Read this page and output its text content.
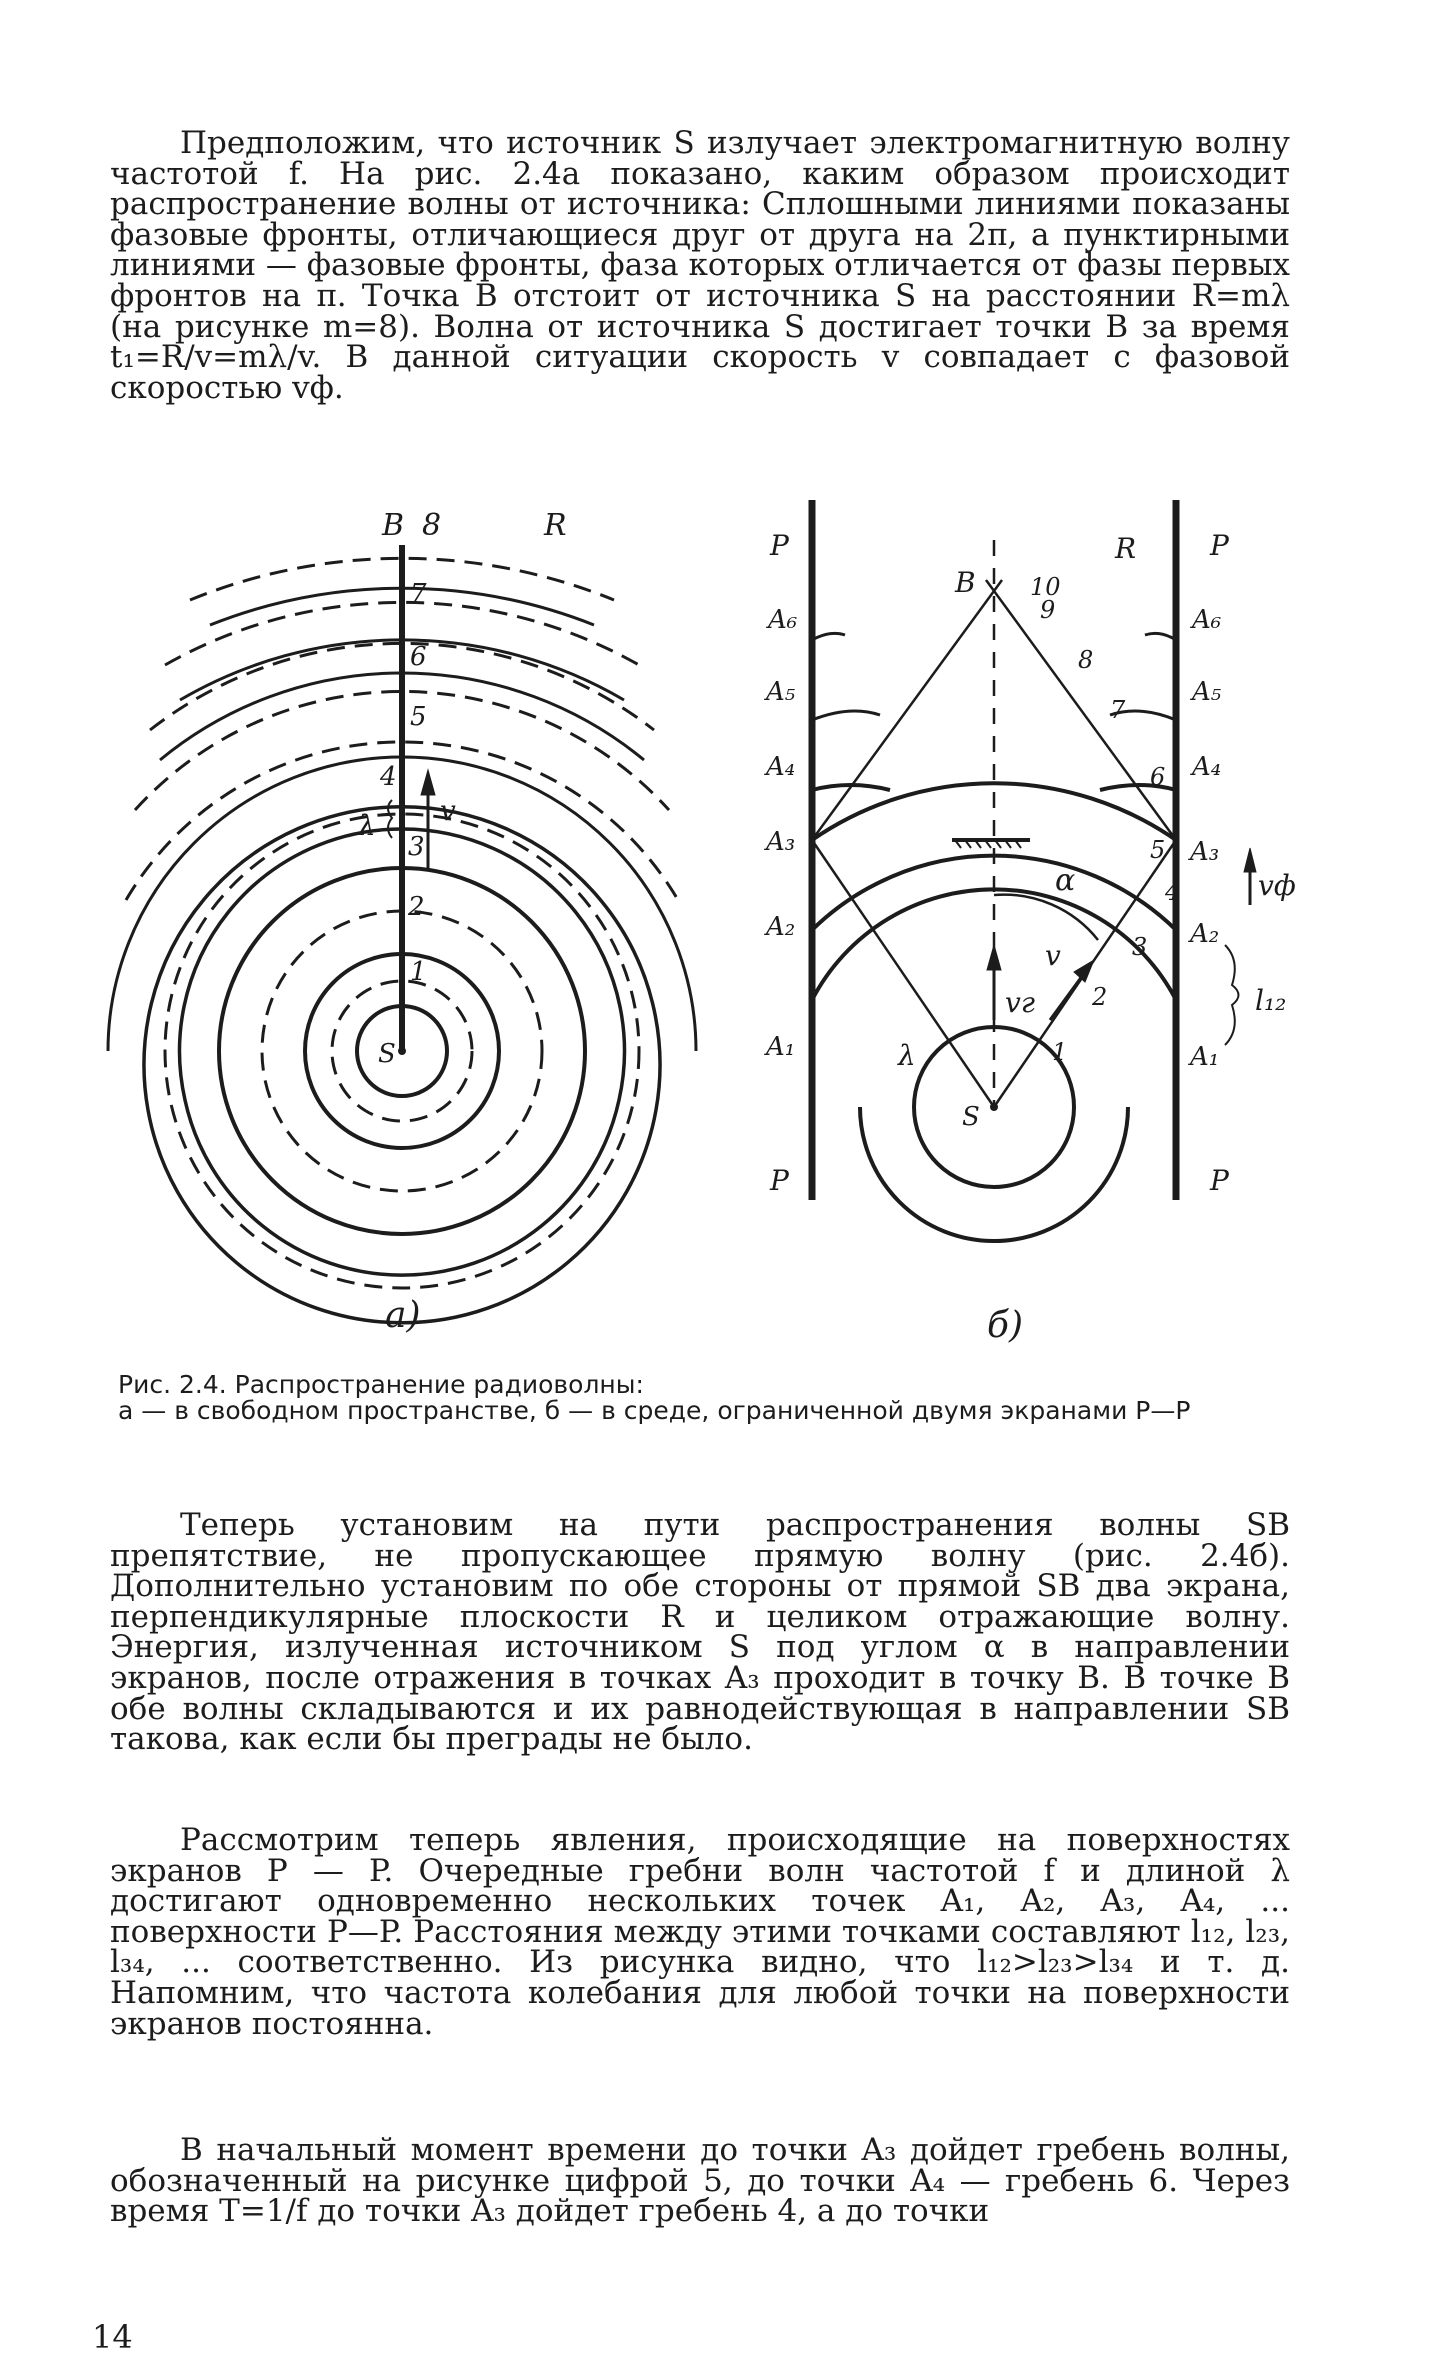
Предположим, что источник S излучает электромагнитную волну частотой f. На рис. 2.4а показано, каким образом происходит распространение волны от источника: Сплошными линиями показаны фазовые фронты, отличающиеся друг от друга на 2π, а пунктирными линиями — фазовые фронты, фаза которых отличается от фазы первых фронтов на π. Точка B отстоит от источника S на расстоянии R=mλ (на рисунке m=8). Волна от источника S достигает точки B за время t₁=R/v=mλ/v. В данной ситуации скорость v совпадает с фазовой скоростью vф.

B 8	R
1
2
3
4
5
6
7
S
λ v
P
P
P
P
A₆
A₅
A₄
A₃
A₂
A₁
A₆
A₅
A₄
A₃
A₂
A₁
B 10
9
R
1
2
3
4
5
6
7
8
α
v
vг
vф
l₁₂
λ
S
а)	б)

Рис. 2.4. Распространение радиоволны:

а — в свободном пространстве, б — в среде, ограниченной двумя экранами P—P

Теперь установим на пути распространения волны SB препятствие, не пропускающее прямую волну (рис. 2.4б). Дополнительно установим по обе стороны от прямой SB два экрана, перпендикулярные плоскости R и целиком отражающие волну. Энергия, излученная источником S под углом α в направлении экранов, после отражения в точках A₃ проходит в точку B. В точке B обе волны складываются и их равнодействующая в направлении SB такова, как если бы преграды не было.

Рассмотрим теперь явления, происходящие на поверхностях экранов P — P. Очередные гребни волн частотой f и длиной λ достигают одновременно нескольких точек A₁, A₂, A₃, A₄, ... поверхности P—P. Расстояния между этими точками составляют l₁₂, l₂₃, l₃₄, ... соответственно. Из рисунка видно, что l₁₂>l₂₃>l₃₄ и т. д. Напомним, что частота колебания для любой точки на поверхности экранов постоянна.

В начальный момент времени до точки A₃ дойдет гребень волны, обозначенный на рисунке цифрой 5, до точки A₄ — гребень 6. Через время T=1/f до точки A₃ дойдет гребень 4, а до точки

14
